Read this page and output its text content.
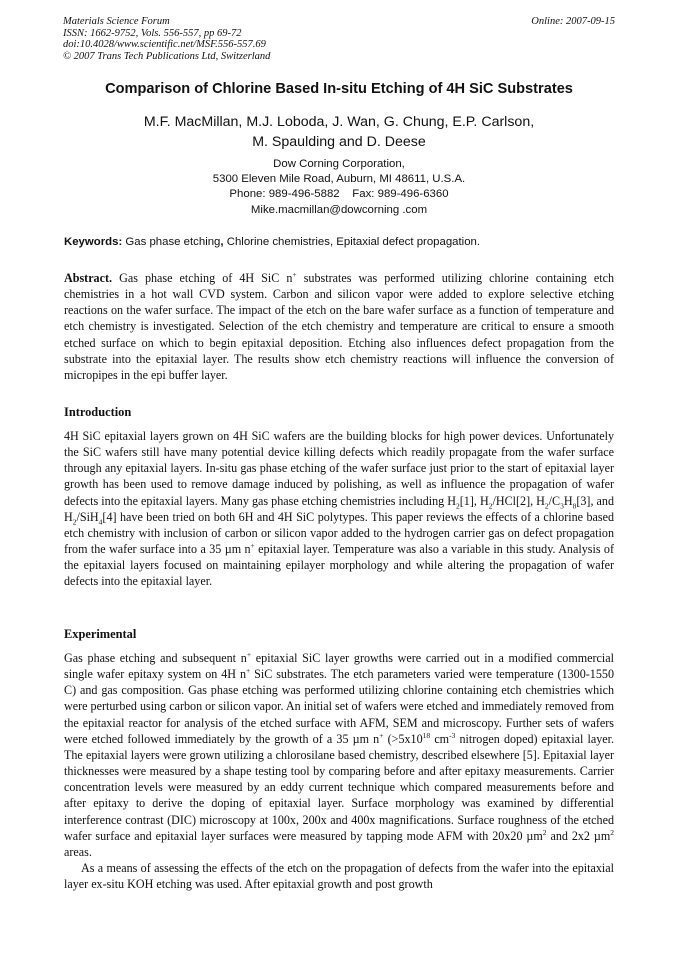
Materials Science Forum
ISSN: 1662-9752, Vols. 556-557, pp 69-72
doi:10.4028/www.scientific.net/MSF.556-557.69
© 2007 Trans Tech Publications Ltd, Switzerland
Online: 2007-09-15
Comparison of Chlorine Based In-situ Etching of 4H SiC Substrates
M.F. MacMillan, M.J. Loboda, J. Wan, G. Chung, E.P. Carlson,
M. Spaulding and D. Deese
Dow Corning Corporation,
5300 Eleven Mile Road, Auburn, MI 48611, U.S.A.
Phone: 989-496-5882 Fax: 989-496-6360
Mike.macmillan@dowcorning .com
Keywords: Gas phase etching, Chlorine chemistries, Epitaxial defect propagation.

Abstract. Gas phase etching of 4H SiC n+ substrates was performed utilizing chlorine containing etch chemistries in a hot wall CVD system. Carbon and silicon vapor were added to explore selective etching reactions on the wafer surface. The impact of the etch on the bare wafer surface as a function of temperature and etch chemistry is investigated. Selection of the etch chemistry and temperature are critical to ensure a smooth etched surface on which to begin epitaxial deposition. Etching also influences defect propagation from the substrate into the epitaxial layer. The results show etch chemistry reactions will influence the conversion of micropipes in the epi buffer layer.

Introduction

4H SiC epitaxial layers grown on 4H SiC wafers are the building blocks for high power devices. Unfortunately the SiC wafers still have many potential device killing defects which readily propagate from the wafer surface through any epitaxial layers. In-situ gas phase etching of the wafer surface just prior to the start of epitaxial layer growth has been used to remove damage induced by polishing, as well as influence the propagation of wafer defects into the epitaxial layers. Many gas phase etching chemistries including $H_2[1]$, $H_2/HCl[2]$, $H_2/C_3H_8[3]$, and $H_2/SiH_4[4]$ have been tried on both 6H and 4H SiC polytypes. This paper reviews the effects of a chlorine based etch chemistry with inclusion of carbon or silicon vapor added to the hydrogen carrier gas on defect propagation from the wafer surface into a 35 µm n+ epitaxial layer. Temperature was also a variable in this study. Analysis of the epitaxial layers focused on maintaining epilayer morphology and while altering the propagation of wafer defects into the epitaxial layer.

Experimental

Gas phase etching and subsequent n+ epitaxial SiC layer growths were carried out in a modified commercial single wafer epitaxy system on 4H n+ SiC substrates. The etch parameters varied were temperature (1300-1550 C) and gas composition. Gas phase etching was performed utilizing chlorine containing etch chemistries which were perturbed using carbon or silicon vapor. An initial set of wafers were etched and immediately removed from the epitaxial reactor for analysis of the etched surface with AFM, SEM and microscopy. Further sets of wafers were etched followed immediately by the growth of a 35 µm n+ ($>5x10^{18}$ $cm^{-3}$ nitrogen doped) epitaxial layer. The epitaxial layers were grown utilizing a chlorosilane based chemistry, described elsewhere [5]. Epitaxial layer thicknesses were measured by a shape testing tool by comparing before and after epitaxy measurements. Carrier concentration levels were measured by an eddy current technique which compared measurements before and after epitaxy to derive the doping of epitaxial layer. Surface morphology was examined by differential interference contrast (DIC) microscopy at 100x, 200x and 400x magnifications. Surface roughness of the etched wafer surface and epitaxial layer surfaces were measured by tapping mode AFM with 20x20 µm$^2$ and 2x2 µm$^2$ areas.

As a means of assessing the effects of the etch on the propagation of defects from the wafer into the epitaxial layer ex-situ KOH etching was used. After epitaxial growth and post growth
